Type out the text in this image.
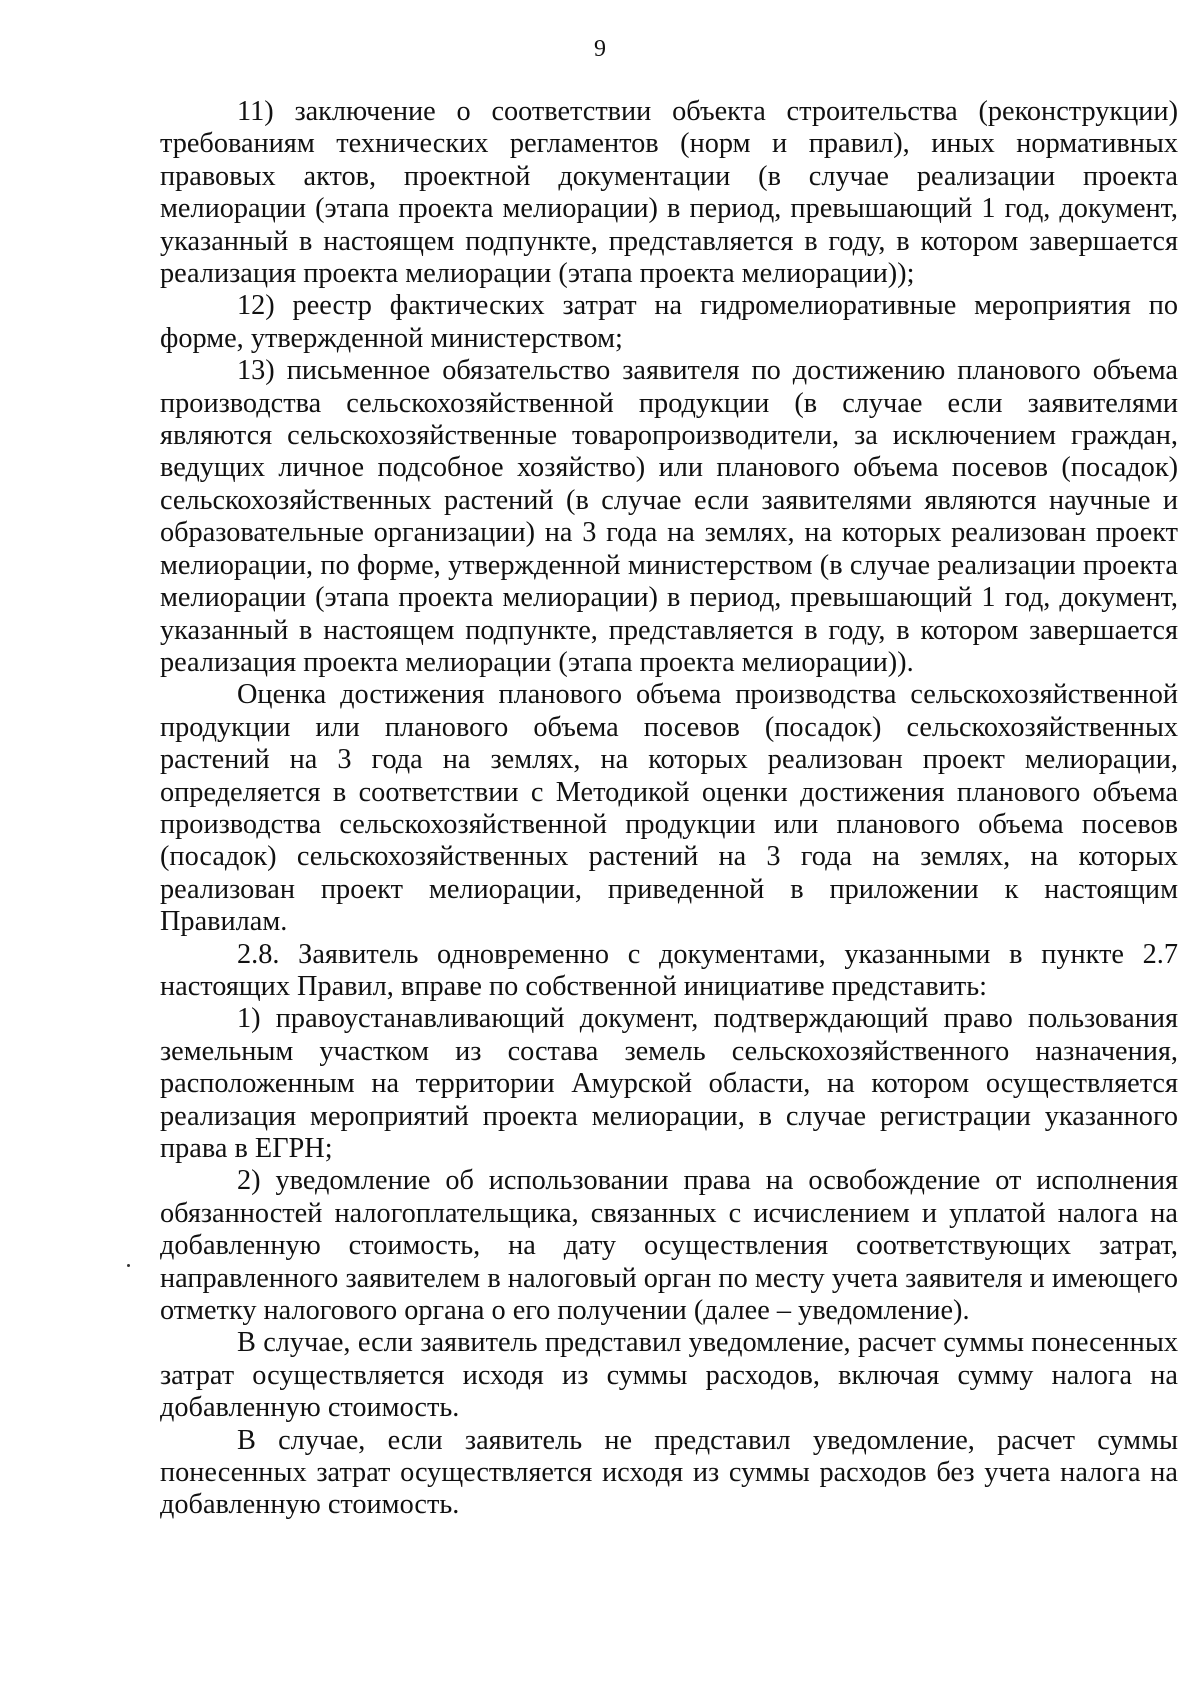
9

11) заключение о соответствии объекта строительства (реконструкции) требованиям технических регламентов (норм и правил), иных нормативных правовых актов, проектной документации (в случае реализации проекта мелиорации (этапа проекта мелиорации) в период, превышающий 1 год, документ, указанный в настоящем подпункте, представляется в году, в котором завершается реализация проекта мелиорации (этапа проекта мелиорации));

12) реестр фактических затрат на гидромелиоративные мероприятия по форме, утвержденной министерством;

13) письменное обязательство заявителя по достижению планового объема производства сельскохозяйственной продукции (в случае если заявителями являются сельскохозяйственные товаропроизводители, за исключением граждан, ведущих личное подсобное хозяйство) или планового объема посевов (посадок) сельскохозяйственных растений (в случае если заявителями являются научные и образовательные организации) на 3 года на землях, на которых реализован проект мелиорации, по форме, утвержденной министерством (в случае реализации проекта мелиорации (этапа проекта мелиорации) в период, превышающий 1 год, документ, указанный в настоящем подпункте, представляется в году, в котором завершается реализация проекта мелиорации (этапа проекта мелиорации)).

Оценка достижения планового объема производства сельскохозяйственной продукции или планового объема посевов (посадок) сельскохозяйственных растений на 3 года на землях, на которых реализован проект мелиорации, определяется в соответствии с Методикой оценки достижения планового объема производства сельскохозяйственной продукции или планового объема посевов (посадок) сельскохозяйственных растений на 3 года на землях, на которых реализован проект мелиорации, приведенной в приложении к настоящим Правилам.

2.8. Заявитель одновременно с документами, указанными в пункте 2.7 настоящих Правил, вправе по собственной инициативе представить:

1) правоустанавливающий документ, подтверждающий право пользования земельным участком из состава земель сельскохозяйственного назначения, расположенным на территории Амурской области, на котором осуществляется реализация мероприятий проекта мелиорации, в случае регистрации указанного права в ЕГРН;

2) уведомление об использовании права на освобождение от исполнения обязанностей налогоплательщика, связанных с исчислением и уплатой налога на добавленную стоимость, на дату осуществления соответствующих затрат, направленного заявителем в налоговый орган по месту учета заявителя и имеющего отметку налогового органа о его получении (далее – уведомление).

В случае, если заявитель представил уведомление, расчет суммы понесенных затрат осуществляется исходя из суммы расходов, включая сумму налога на добавленную стоимость.

В случае, если заявитель не представил уведомление, расчет суммы понесенных затрат осуществляется исходя из суммы расходов без учета налога на добавленную стоимость.
